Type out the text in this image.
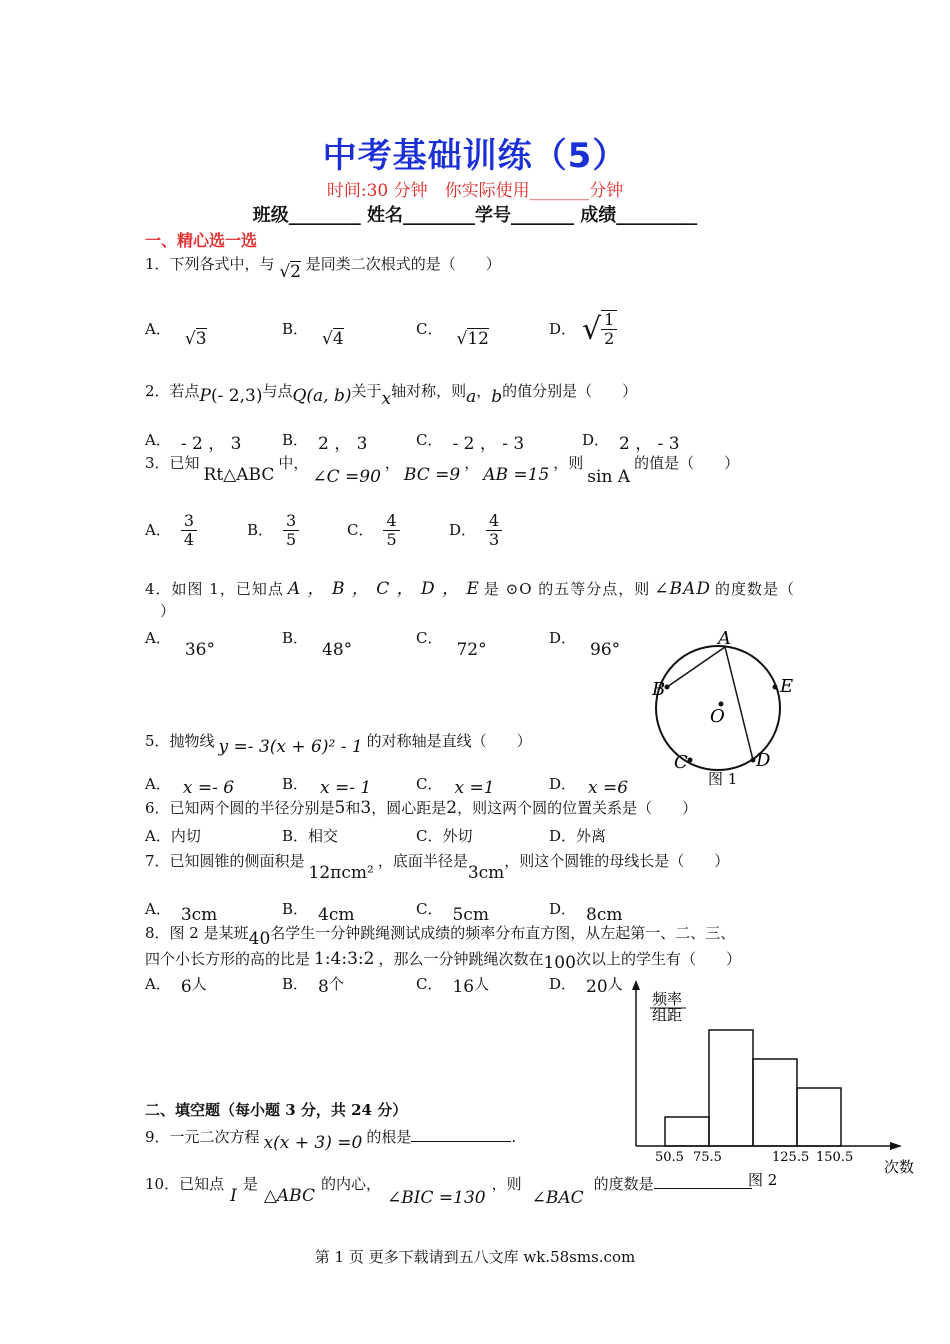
中考基础训练（5）
时间:30 分钟　你实际使用_______分钟
班级________ 姓名________学号_______ 成绩_________
一、精心选一选
1．下列各式中，与 √2 是同类二次根式的是（　　）
A． √3	B． √4	C． √12	D． √ $\frac{1}{2}$
2．若点P(- 2,3)与点Q(a, b)关于x轴对称，则a，b的值分别是（　　）
A． - 2 ， 3	B． 2 ， 3	C． - 2 ， - 3	D． 2 ， - 3
3．已知Rt△ABC中，∠C =90，BC =9，AB =15，则sin A的值是（　　）
A． $\frac{3}{4}$	B． $\frac{3}{5}$	C． $\frac{4}{5}$	D． $\frac{4}{3}$
4．如图 1，已知点 A ， B ， C ， D ， E 是 ⊙O 的五等分点，则 ∠BAD 的度数是（
）
A．36°
B．48°
C．72°
D．96°
A
B
C	D
E
O
图 1
5．抛物线 y =- 3(x + 6)² - 1 的对称轴是直线（　　）
A． x =- 6	B． x =- 1	C． x =1	D． x =6
6．已知两个圆的半径分别是5和3，圆心距是2，则这两个圆的位置关系是（　　）
A．内切	B．相交	C．外切	D．外离
7．已知圆锥的侧面积是12πcm²，底面半径是3cm，则这个圆锥的母线长是（　　）
A． 3cm	B． 4cm	C． 5cm	D． 8cm
8．图 2 是某班40名学生一分钟跳绳测试成绩的频率分布直方图，从左起第一、二、三、
四个小长方形的高的比是 1:4:3:2 ，那么一分钟跳绳次数在100次以上的学生有（　　）
A． 6人	B． 8个	C． 16人	D． 20人
频率
组距
50.5 75.5	125.5 150.5
次数
图 2
二、填空题（每小题 3 分，共 24 分）
9．一元二次方程 x(x + 3) =0 的根是	.
10．已知点I是△ABC的内心，∠BIC =130，则∠BAC的度数是
第 1 页 更多下载请到五八文库 wk.58sms.com
